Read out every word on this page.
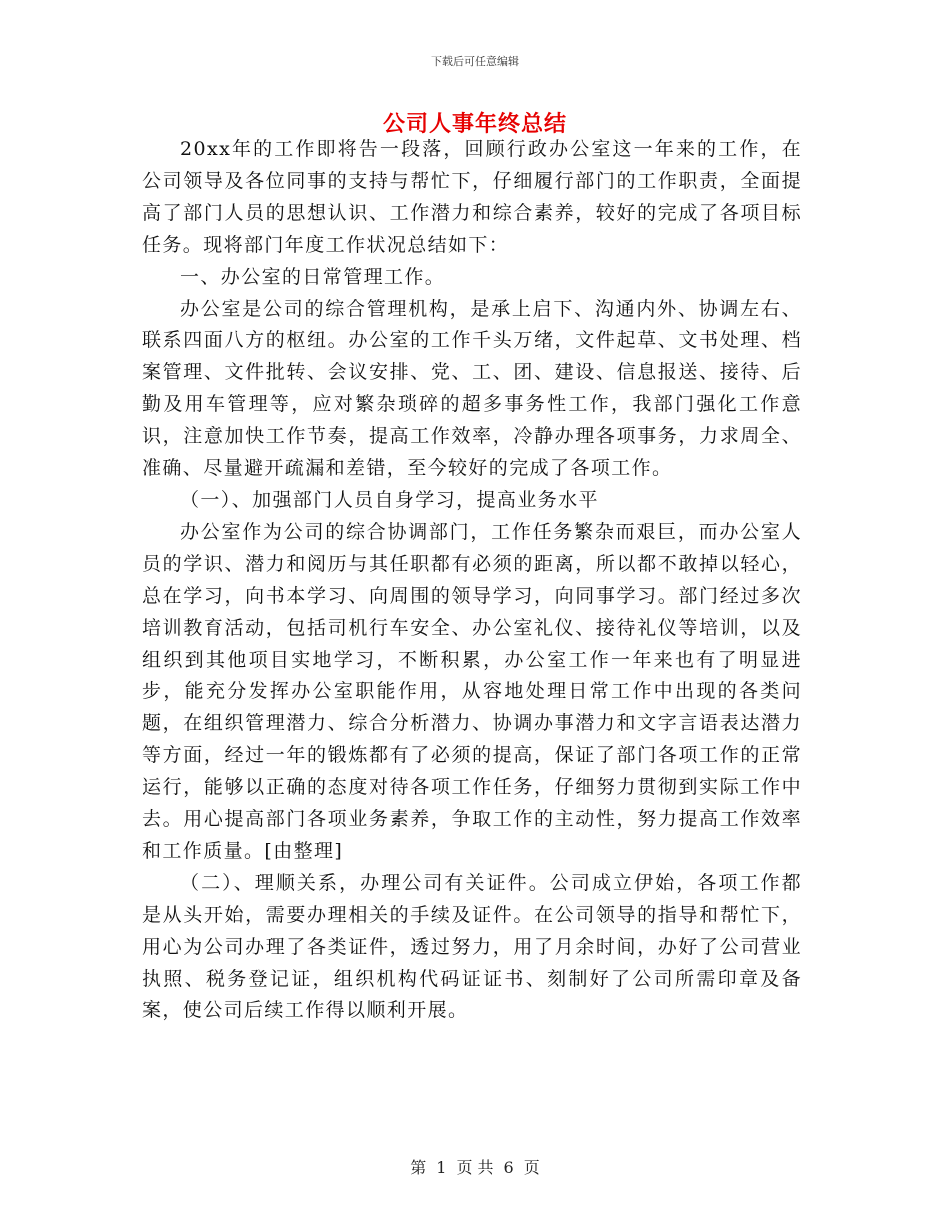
下载后可任意编辑
公司人事年终总结

20xx年的工作即将告一段落，回顾行政办公室这一年来的工作，在公司领导及各位同事的支持与帮忙下，仔细履行部门的工作职责，全面提高了部门人员的思想认识、工作潜力和综合素养，较好的完成了各项目标任务。现将部门年度工作状况总结如下：

一、办公室的日常管理工作。

办公室是公司的综合管理机构，是承上启下、沟通内外、协调左右、联系四面八方的枢纽。办公室的工作千头万绪，文件起草、文书处理、档案管理、文件批转、会议安排、党、工、团、建设、信息报送、接待、后勤及用车管理等，应对繁杂琐碎的超多事务性工作，我部门强化工作意识，注意加快工作节奏，提高工作效率，冷静办理各项事务，力求周全、准确、尽量避开疏漏和差错，至今较好的完成了各项工作。

（一）、加强部门人员自身学习，提高业务水平

办公室作为公司的综合协调部门，工作任务繁杂而艰巨，而办公室人员的学识、潜力和阅历与其任职都有必须的距离，所以都不敢掉以轻心，总在学习，向书本学习、向周围的领导学习，向同事学习。部门经过多次培训教育活动，包括司机行车安全、办公室礼仪、接待礼仪等培训，以及组织到其他项目实地学习，不断积累，办公室工作一年来也有了明显进步，能充分发挥办公室职能作用，从容地处理日常工作中出现的各类问题，在组织管理潜力、综合分析潜力、协调办事潜力和文字言语表达潜力等方面，经过一年的锻炼都有了必须的提高，保证了部门各项工作的正常运行，能够以正确的态度对待各项工作任务，仔细努力贯彻到实际工作中去。用心提高部门各项业务素养，争取工作的主动性，努力提高工作效率和工作质量。[由整理]

（二）、理顺关系，办理公司有关证件。公司成立伊始，各项工作都是从头开始，需要办理相关的手续及证件。在公司领导的指导和帮忙下，用心为公司办理了各类证件，透过努力，用了月余时间，办好了公司营业执照、税务登记证，组织机构代码证证书、刻制好了公司所需印章及备案，使公司后续工作得以顺利开展。

第 1 页 共 6 页
